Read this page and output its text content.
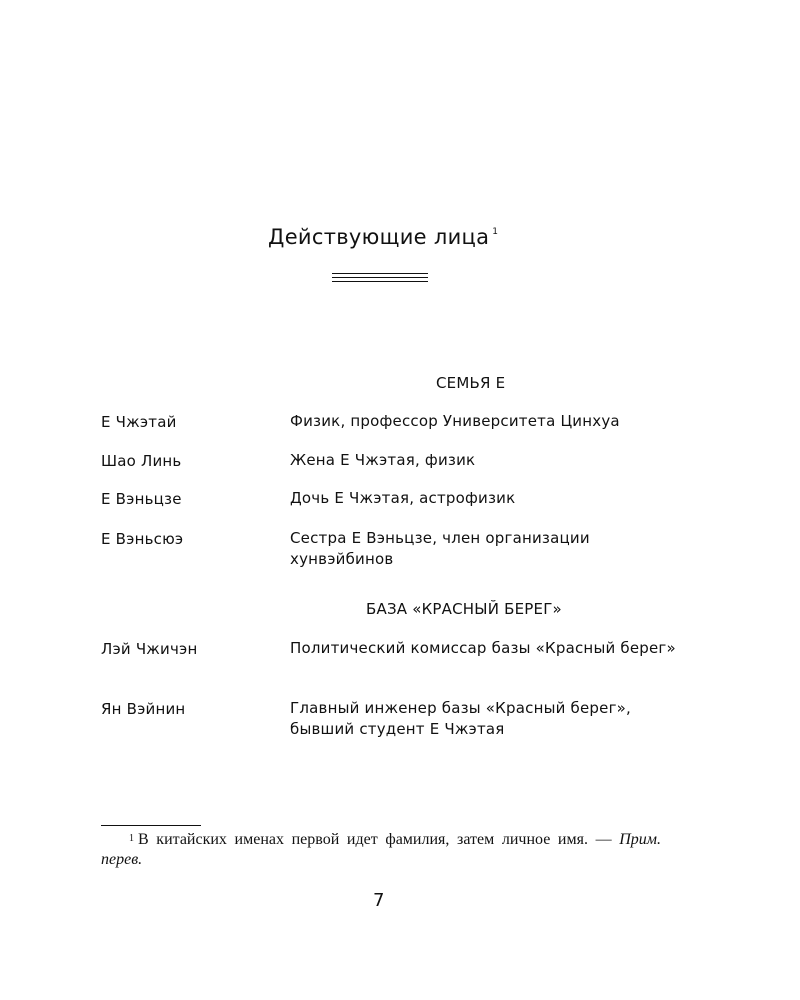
Действующие лица $^1$
СЕМЬЯ Е
Е Чжэтай	Физик, профессор Университета Цинхуа
Шао Линь	Жена Е Чжэтая, физик
Е Вэньцзе	Дочь Е Чжэтая, астрофизик
Е Вэньсюэ	Сестра Е Вэньцзе, член организации хунвэйбинов
БАЗА «КРАСНЫЙ БЕРЕГ»
Лэй Чжичэн	Политический комиссар базы «Красный берег»
Ян Вэйнин	Главный инженер базы «Красный берег», бывший студент Е Чжэтая
$^1$ В китайских именах первой идет фамилия, затем личное имя. — Прим. перев.
7
